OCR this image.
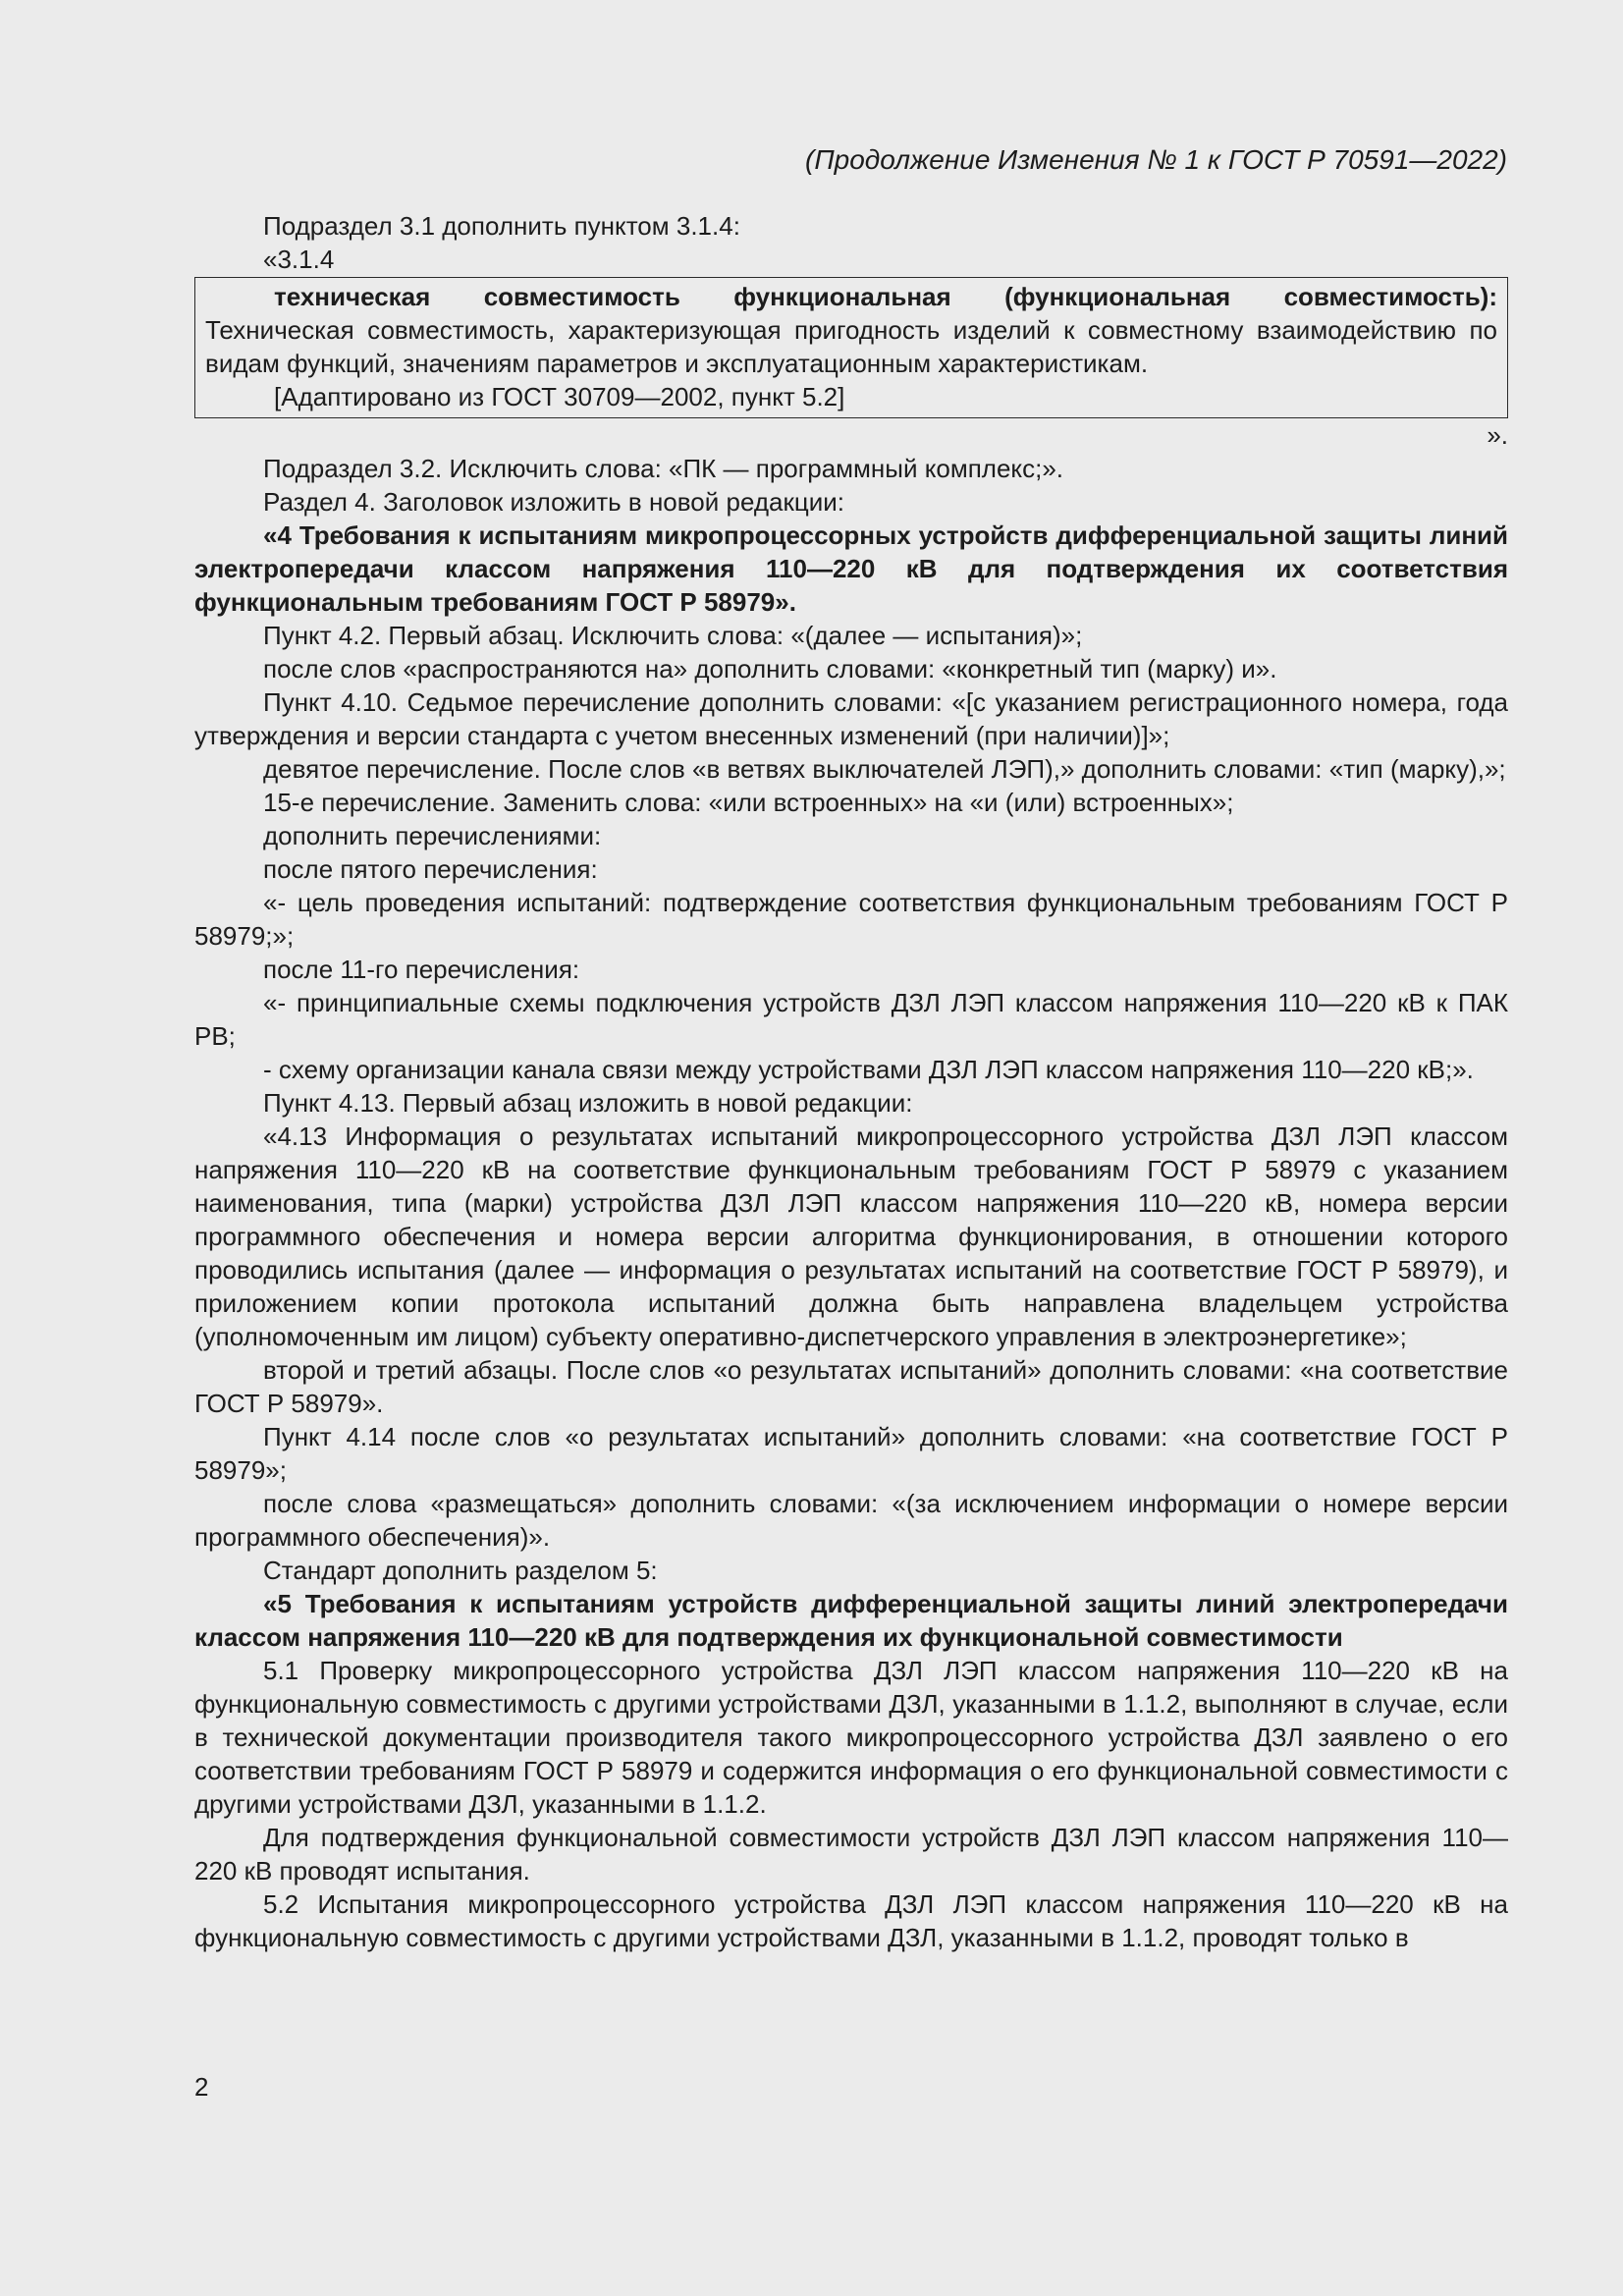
(Продолжение Изменения № 1 к ГОСТ Р 70591—2022)

Подраздел 3.1 дополнить пунктом 3.1.4:

«3.1.4

техническая совместимость функциональная (функциональная совместимость):

Техническая совместимость, характеризующая пригодность изделий к совместному взаимодействию по видам функций, значениям параметров и эксплуатационным характеристикам.

[Адаптировано из ГОСТ 30709—2002, пункт 5.2]

».

Подраздел 3.2. Исключить слова: «ПК — программный комплекс;».

Раздел 4. Заголовок изложить в новой редакции:

«4 Требования к испытаниям микропроцессорных устройств дифференциальной защиты линий электропередачи классом напряжения 110—220 кВ для подтверждения их соответствия функциональным требованиям ГОСТ Р 58979».

Пункт 4.2. Первый абзац. Исключить слова: «(далее — испытания)»;

после слов «распространяются на» дополнить словами: «конкретный тип (марку) и».

Пункт 4.10. Седьмое перечисление дополнить словами: «[с указанием регистрационного номера, года утверждения и версии стандарта с учетом внесенных изменений (при наличии)]»;

девятое перечисление. После слов «в ветвях выключателей ЛЭП),» дополнить словами: «тип (марку),»;

15-е перечисление. Заменить слова: «или встроенных» на «и (или) встроенных»;

дополнить перечислениями:

после пятого перечисления:

«- цель проведения испытаний: подтверждение соответствия функциональным требованиям ГОСТ Р 58979;»;

после 11-го перечисления:

«- принципиальные схемы подключения устройств ДЗЛ ЛЭП классом напряжения 110—220 кВ к ПАК РВ;

- схему организации канала связи между устройствами ДЗЛ ЛЭП классом напряжения 110—220 кВ;».

Пункт 4.13. Первый абзац изложить в новой редакции:

«4.13 Информация о результатах испытаний микропроцессорного устройства ДЗЛ ЛЭП классом напряжения 110—220 кВ на соответствие функциональным требованиям ГОСТ Р 58979 с указанием наименования, типа (марки) устройства ДЗЛ ЛЭП классом напряжения 110—220 кВ, номера версии программного обеспечения и номера версии алгоритма функционирования, в отношении которого проводились испытания (далее — информация о результатах испытаний на соответствие ГОСТ Р 58979), и приложением копии протокола испытаний должна быть направлена владельцем устройства (уполномоченным им лицом) субъекту оперативно-диспетчерского управления в электроэнергетике»;

второй и третий абзацы. После слов «о результатах испытаний» дополнить словами: «на соответствие ГОСТ Р 58979».

Пункт 4.14 после слов «о результатах испытаний» дополнить словами: «на соответствие ГОСТ Р 58979»;

после слова «размещаться» дополнить словами: «(за исключением информации о номере версии программного обеспечения)».

Стандарт дополнить разделом 5:

«5 Требования к испытаниям устройств дифференциальной защиты линий электропередачи классом напряжения 110—220 кВ для подтверждения их функциональной совместимости

5.1 Проверку микропроцессорного устройства ДЗЛ ЛЭП классом напряжения 110—220 кВ на функциональную совместимость с другими устройствами ДЗЛ, указанными в 1.1.2, выполняют в случае, если в технической документации производителя такого микропроцессорного устройства ДЗЛ заявлено о его соответствии требованиям ГОСТ Р 58979 и содержится информация о его функциональной совместимости с другими устройствами ДЗЛ, указанными в 1.1.2.

Для подтверждения функциональной совместимости устройств ДЗЛ ЛЭП классом напряжения 110—220 кВ проводят испытания.

5.2 Испытания микропроцессорного устройства ДЗЛ ЛЭП классом напряжения 110—220 кВ на функциональную совместимость с другими устройствами ДЗЛ, указанными в 1.1.2, проводят только в

2
